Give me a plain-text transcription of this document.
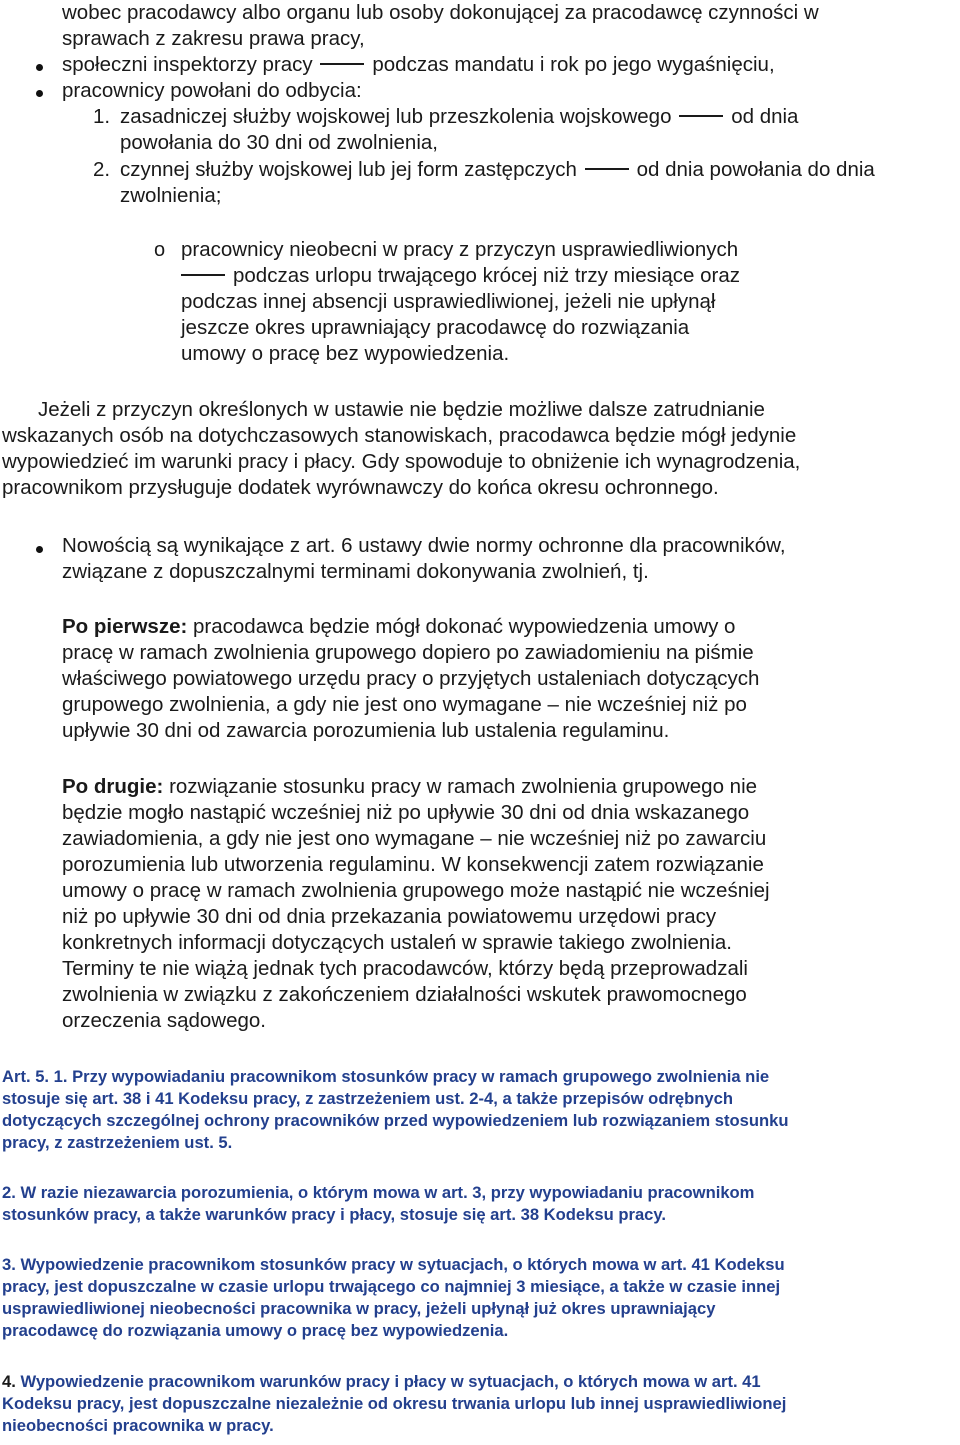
wobec pracodawcy albo organu lub osoby dokonującej za pracodawcę czynności w

sprawach z zakresu prawa pracy,

społeczni inspektorzy pracy	podczas mandatu i rok po jego wygaśnięciu,

pracownicy powołani do odbycia:

1. zasadniczej służby wojskowej lub przeszkolenia wojskowego	od dnia

powołania do 30 dni od zwolnienia,

2. czynnej służby wojskowej lub jej form zastępczych	od dnia powołania do dnia

zwolnienia;

o pracownicy nieobecni w pracy z przyczyn usprawiedliwionych

podczas urlopu trwającego krócej niż trzy miesiące oraz

podczas innej absencji usprawiedliwionej, jeżeli nie upłynął

jeszcze okres uprawniający pracodawcę do rozwiązania

umowy o pracę bez wypowiedzenia.

Jeżeli z przyczyn określonych w ustawie nie będzie możliwe dalsze zatrudnianie

wskazanych osób na dotychczasowych stanowiskach, pracodawca będzie mógł jedynie

wypowiedzieć im warunki pracy i płacy. Gdy spowoduje to obniżenie ich wynagrodzenia,

pracownikom przysługuje dodatek wyrównawczy do końca okresu ochronnego.

Nowością są wynikające z art. 6 ustawy dwie normy ochronne dla pracowników,

związane z dopuszczalnymi terminami dokonywania zwolnień, tj.

Po pierwsze: pracodawca będzie mógł dokonać wypowiedzenia umowy o

pracę w ramach zwolnienia grupowego dopiero po zawiadomieniu na piśmie

właściwego powiatowego urzędu pracy o przyjętych ustaleniach dotyczących

grupowego zwolnienia, a gdy nie jest ono wymagane – nie wcześniej niż po

upływie 30 dni od zawarcia porozumienia lub ustalenia regulaminu.

Po drugie: rozwiązanie stosunku pracy w ramach zwolnienia grupowego nie

będzie mogło nastąpić wcześniej niż po upływie 30 dni od dnia wskazanego

zawiadomienia, a gdy nie jest ono wymagane – nie wcześniej niż po zawarciu

porozumienia lub utworzenia regulaminu. W konsekwencji zatem rozwiązanie

umowy o pracę w ramach zwolnienia grupowego może nastąpić nie wcześniej

niż po upływie 30 dni od dnia przekazania powiatowemu urzędowi pracy

konkretnych informacji dotyczących ustaleń w sprawie takiego zwolnienia.

Terminy te nie wiążą jednak tych pracodawców, którzy będą przeprowadzali

zwolnienia w związku z zakończeniem działalności wskutek prawomocnego

orzeczenia sądowego.

Art. 5. 1. Przy wypowiadaniu pracownikom stosunków pracy w ramach grupowego zwolnienia nie
stosuje się art. 38 i 41 Kodeksu pracy, z zastrzeżeniem ust. 2-4, a także przepisów odrębnych
dotyczących szczególnej ochrony pracowników przed wypowiedzeniem lub rozwiązaniem stosunku
pracy, z zastrzeżeniem ust. 5.
2. W razie niezawarcia porozumienia, o którym mowa w art. 3, przy wypowiadaniu pracownikom
stosunków pracy, a także warunków pracy i płacy, stosuje się art. 38 Kodeksu pracy.
3. Wypowiedzenie pracownikom stosunków pracy w sytuacjach, o których mowa w art. 41 Kodeksu
pracy, jest dopuszczalne w czasie urlopu trwającego co najmniej 3 miesiące, a także w czasie innej
usprawiedliwionej nieobecności pracownika w pracy, jeżeli upłynął już okres uprawniający
pracodawcę do rozwiązania umowy o pracę bez wypowiedzenia.
4. Wypowiedzenie pracownikom warunków pracy i płacy w sytuacjach, o których mowa w art. 41
Kodeksu pracy, jest dopuszczalne niezależnie od okresu trwania urlopu lub innej usprawiedliwionej
nieobecności pracownika w pracy.
